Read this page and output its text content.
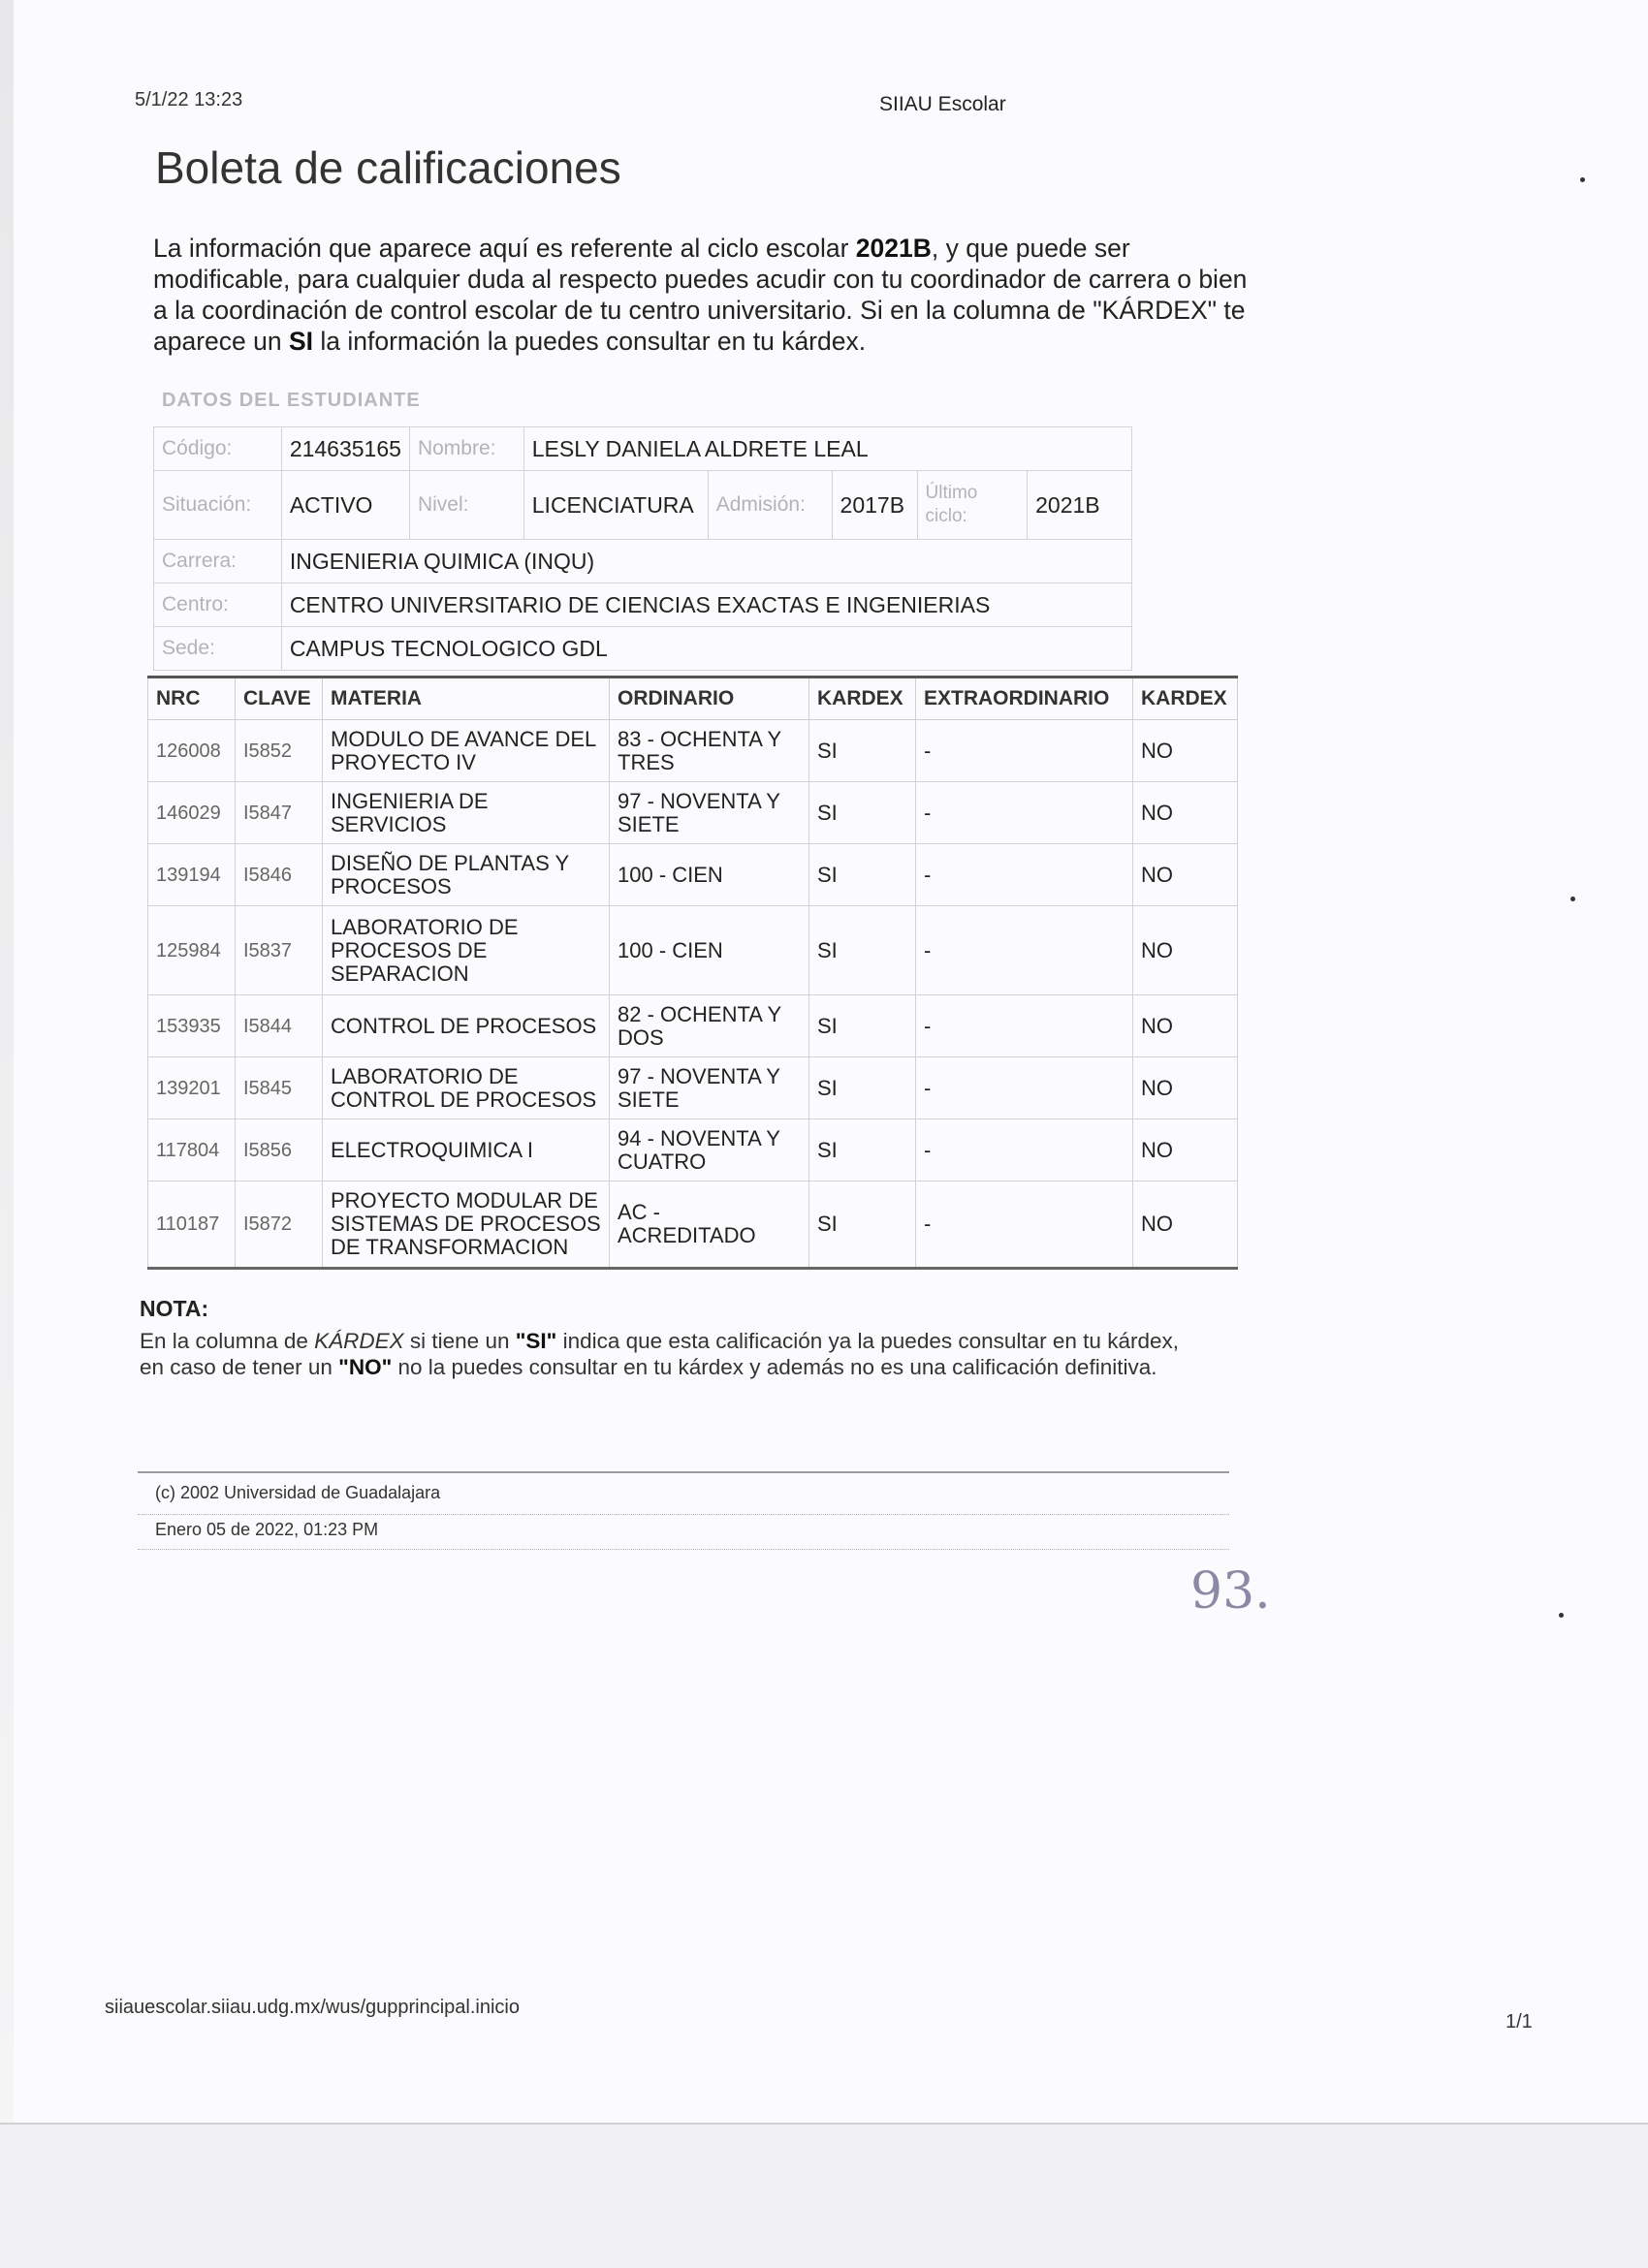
5/1/22 13:23	SIIAU Escolar
Boleta de calificaciones
La información que aparece aquí es referente al ciclo escolar 2021B, y que puede ser modificable, para cualquier duda al respecto puedes acudir con tu coordinador de carrera o bien a la coordinación de control escolar de tu centro universitario. Si en la columna de "KÁRDEX" te aparece un SI la información la puedes consultar en tu kárdex.
DATOS DEL ESTUDIANTE
Código:	214635165	Nombre:	LESLY DANIELA ALDRETE LEAL				
Situación:	ACTIVO	Nivel:	LICENCIATURA	Admisión:	2017B	Último ciclo:	2021B
Carrera:	INGENIERIA QUIMICA (INQU)						
Centro:	CENTRO UNIVERSITARIO DE CIENCIAS EXACTAS E INGENIERIAS						
Sede:	CAMPUS TECNOLOGICO GDL						
NRC	CLAVE	MATERIA	ORDINARIO	KARDEX	EXTRAORDINARIO	KARDEX
126008	I5852	MODULO DE AVANCE DEL PROYECTO IV	83 - OCHENTA Y TRES	SI	-	NO
146029	I5847	INGENIERIA DE SERVICIOS	97 - NOVENTA Y SIETE	SI	-	NO
139194	I5846	DISEÑO DE PLANTAS Y PROCESOS	100 - CIEN	SI	-	NO
125984	I5837	LABORATORIO DE PROCESOS DE SEPARACION	100 - CIEN	SI	-	NO
153935	I5844	CONTROL DE PROCESOS	82 - OCHENTA Y DOS	SI	-	NO
139201	I5845	LABORATORIO DE CONTROL DE PROCESOS	97 - NOVENTA Y SIETE	SI	-	NO
117804	I5856	ELECTROQUIMICA I	94 - NOVENTA Y CUATRO	SI	-	NO
110187	I5872	PROYECTO MODULAR DE SISTEMAS DE PROCESOS DE TRANSFORMACION	AC - ACREDITADO	SI	-	NO
NOTA:
En la columna de KÁRDEX si tiene un "SI" indica que esta calificación ya la puedes consultar en tu kárdex, en caso de tener un "NO" no la puedes consultar en tu kárdex y además no es una calificación definitiva.
(c) 2002 Universidad de Guadalajara
Enero 05 de 2022, 01:23 PM
93.
siiauescolar.siiau.udg.mx/wus/gupprincipal.inicio
1/1
